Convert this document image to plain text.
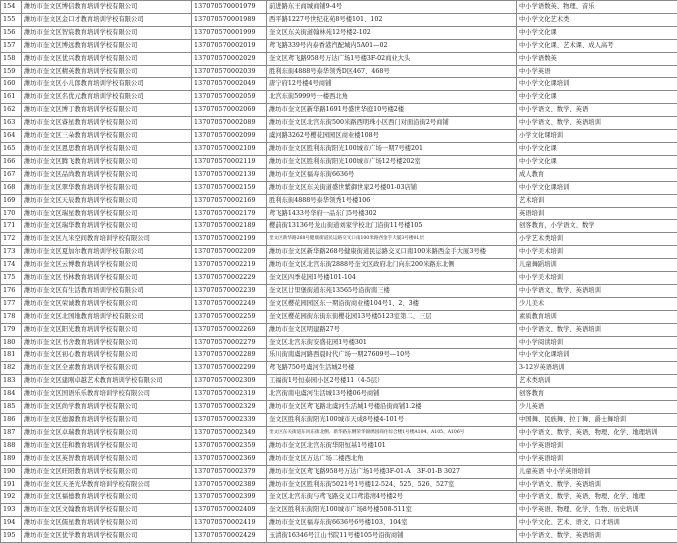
154	潍坊市奎文区博信教育培训学校有限公司	137070570001979	前进路东王商城商铺9-4号	中小学语数英、物理、音乐
155	潍坊市奎文区金口才教育培训学校有限公司	137070570001989	西平路1227号世纪花苑8号楼101、102	中小学文化艺术类
156	潍坊市奎文区智宸教育培训学校有限公司	137070570001999	奎文区东关街道翰林苑12号楼2-102	中小学文化课
157	潍坊市奎文区博远教育培训学校有限公司	137070570002019	鸢飞路339号内泰香港汽配城内5A01—02	中小学文化课、艺术课、成人高考
158	潍坊市奎文区优兴教育培训学校有限公司	137070570002029	奎文区鸢飞路958号万达广场1号楼3F-02商业大头	中小学语数英
159	潍坊市奎文区精英教育培训学校有限公司	137070570002039	胜利东街4888号泰华领秀D区467、468号	中小学英语
160	潍坊市奎文区小儿郎教育培训学校有限公司	137070570002049	唐宁府12号楼4号商铺	中小学文化课培训
161	潍坊市奎文区名优元教育培训学校有限公司	137070570002059	北宫东街5999号一楼西北角	中小学文化课
162	潍坊市奎文区博丁教育培训学校有限公司	137070570002069	潍坊市奎文区新华路1691号盛世华庭10号楼2楼	中小学语文、数学、英语
163	潍坊市奎文区睿星教育培训学校有限公司	137070570002089	潍坊市奎文区北宫东街500米路西明珠小区西门对面沿街2号商铺	中小学语文、数学、英语培训
164	潍坊市奎文区三朵教育培训学校有限公司	137070570002099	虞河路3262号樱花园园区商业楼108号	小学文化课培训
165	潍坊市奎文区恩思教育培训学校有限公司	137070570002109	潍坊市奎文区胜利东街阳光100城市广场一期7号楼201	中小学文化课
166	潍坊市奎文区腾飞教育培训学校有限公司	137070570002119	潍坊市奎文区胜利东街阳光100城市广场12号楼202室	中小学文化课
167	潍坊市奎文区品尚教育培训学校有限公司	137070570002139	潍坊市奎文区福寿东街6636号	成人教育
168	潍坊市奎文区翠华教育培训学校有限公司	137070570002159	潍坊市奎文区东关街道盛世紫御世家2号楼01-03店铺	中小学文化课培训
169	潍坊市奎文区天辰教育培训学校有限公司	137070570002169	胜利东街4888号泰华领秀1号楼106	艺术培训
170	潍坊市奎文区瑞星教育培训学校有限公司	137070570002179	鸢飞路1433号华府一品东门5号楼302	英语培训
171	潍坊市奎文区瑞华教育培训学校有限公司	137070570002189	樱前街13136号龙山街道刘家学校北门沿街11号楼105	创客教育，小学语文、数学
172	潍坊市奎文区九米空间教育培训学校有限公司	137070570002199	奎文区新华路268号健康街道民运路交叉口南100米路西金手大厦3号楼01层	小学艺术类培训
173	潍坊市奎文区夏加尔教育培训学校有限公司	137070570002209	潍坊市奎文区新华路268号健康街道民运路交叉口南100米路西金手大厦3号楼	中小学美术培训
174	潍坊市奎文区云博教育培训学校有限公司	137070570002219	潍坊市奎文区北宫东街2888号奎文区政府北门向东200米路东北侧	儿童舞蹈培训
175	潍坊市奎文区书林教育培训学校有限公司	137070570002229	奎文区四季花园1号楼101-104	中小学美术培训
176	潍坊市奎文区有生活教育培训学校有限公司	137070570002239	奎文区廿里堡街道东苑13565号沿街南三楼	中小学语文、数学、英语培训
177	潍坊市奎文区荣诚教育培训学校有限公司	137070570002249	奎文区樱花园园区东一期沿街商业楼104号1、2、3楼	少儿美术
178	潍坊市奎文区北国地教育培训学校有限公司	137070570002259	奎文区樱花园街东街东街樱花园13号楼5123室第二、三层	素质教育培训
179	潍坊市奎文区阳光教育培训学校有限公司	137070570002269	潍坊市奎文区明建路27号	中小学语文、数学、英语培训
180	潍坊市奎文区书舍教育培训学校有限公司	137070570002279	奎文区北宫东街安盛花园1号楼301	中小学阅读培训
181	潍坊市奎文区初心教育培训学校有限公司	137070570002289	乐川街南虞河路西晨时代广场一期27609号—10号	中小学文化课培训
182	潍坊市奎文区全素教育培训学校有限公司	137070570002299	鸢飞路750号虞河生活城2号楼	3-12岁英语培训
183	潍坊市奎文区建刚卓越艺术教育培训学校有限公司	137070570002309	工福街1号恒泰园小区2号楼11（4-5层）	艺术类培训
184	潍坊市奎文区国语乐乐教育培训学校有限公司	137070570002319	北宫街南电虞河生活城13号楼06号商铺	创客教育
185	潍坊市奎文区尚学教育培训学校有限公司	137070570002329	潍坊市奎文区鸢飞路北虞河生活城1号楼沿街商铺1.2楼	少儿英语
186	潍坊市奎文区德源教育培训学校有限公司	137070570002339	奎文区胜利东街阳光100城市天成8号楼4-101号	中国舞、民族舞、拉丁舞、爵士舞培训
187	潍坊市奎文区卓瑞教育培训学校有限公司	137070570002349	奎文区东关街道东风东街北侧、新华路东侧荣华锦绣园商住综合楼1号楼A104、A105、A106号	中小学语文、数学、英语、物理、化学、地理培训
188	潍坊市奎文区佳和教育培训学校有限公司	137070570002359	潍坊市奎文区北宫东街华阳恒基1号楼101	中小学英语培训
189	潍坊市奎文区英智教育培训学校有限公司	137070570002369	潍坊市奎文区万达广场二楼西北角	中小学英语培训
190	潍坊市奎文区旺阳教育培训学校有限公司	137070570002379	潍坊市奎文区鸢飞路958号万达广场1号楼3F-01-A　3F-01-B 3027	儿童英语 中小学英语培训
191	潍坊市奎文区天圣光华教育培训学校有限公司	137070570002389	潍坊市奎文区胜利东街5021号1号楼12-524、525、526、527室	中小学语文、数学、英语培训
192	潍坊市奎文区福德教育培训学校有限公司	137070570002399	奎文区北宫东街与鸢飞路交叉口鸢港湾4号楼2号	中小学语文、数学、英语、物理、化学、地理
193	潍坊市奎文区文翰教育培训学校有限公司	137070570002409	奎文区胜利东街阳光100城市广场8号楼508-511室	中小学英语、物理、化学、生物、历史培训
194	潍坊市奎文区儒星教育培训学校有限公司	137070570002419	潍坊市奎文区福寿东街6636号6号楼103、104室	中小学文化、艺术、语文、口才培训
195	潍坊市奎文区优学教育培训学校有限公司	137070570002429	玉清街16346号江山书院11号楼105号沿街商铺	中小学语文、数学、英语培训
